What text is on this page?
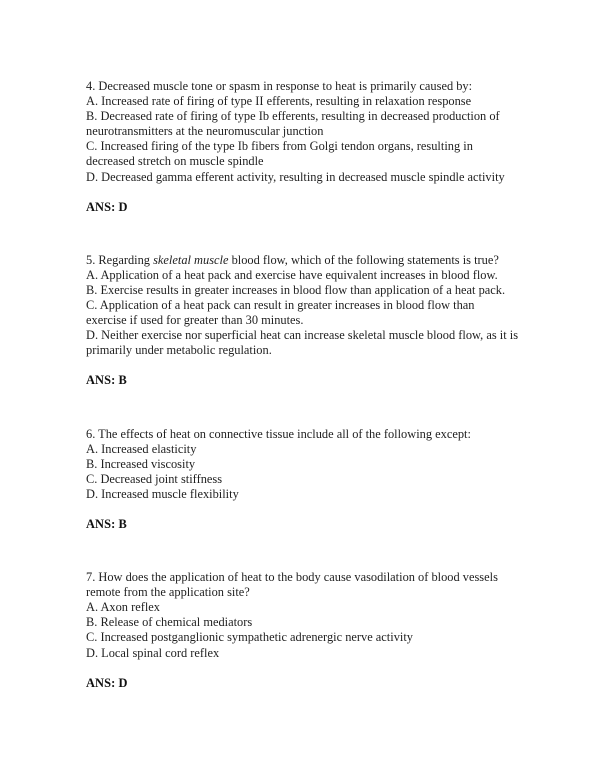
4. Decreased muscle tone or spasm in response to heat is primarily caused by:

A. Increased rate of firing of type II efferents, resulting in relaxation response
B. Decreased rate of firing of type Ib efferents, resulting in decreased production of neurotransmitters at the neuromuscular junction
C. Increased firing of the type Ib fibers from Golgi tendon organs, resulting in decreased stretch on muscle spindle
D. Decreased gamma efferent activity, resulting in decreased muscle spindle activity

ANS: D

5. Regarding skeletal muscle blood flow, which of the following statements is true?

A. Application of a heat pack and exercise have equivalent increases in blood flow.
B. Exercise results in greater increases in blood flow than application of a heat pack.
C. Application of a heat pack can result in greater increases in blood flow than exercise if used for greater than 30 minutes.
D. Neither exercise nor superficial heat can increase skeletal muscle blood flow, as it is primarily under metabolic regulation.

ANS: B

6. The effects of heat on connective tissue include all of the following except:

A. Increased elasticity
B. Increased viscosity
C. Decreased joint stiffness
D. Increased muscle flexibility

ANS: B

7. How does the application of heat to the body cause vasodilation of blood vessels remote from the application site?

A. Axon reflex
B. Release of chemical mediators
C. Increased postganglionic sympathetic adrenergic nerve activity
D. Local spinal cord reflex

ANS: D
